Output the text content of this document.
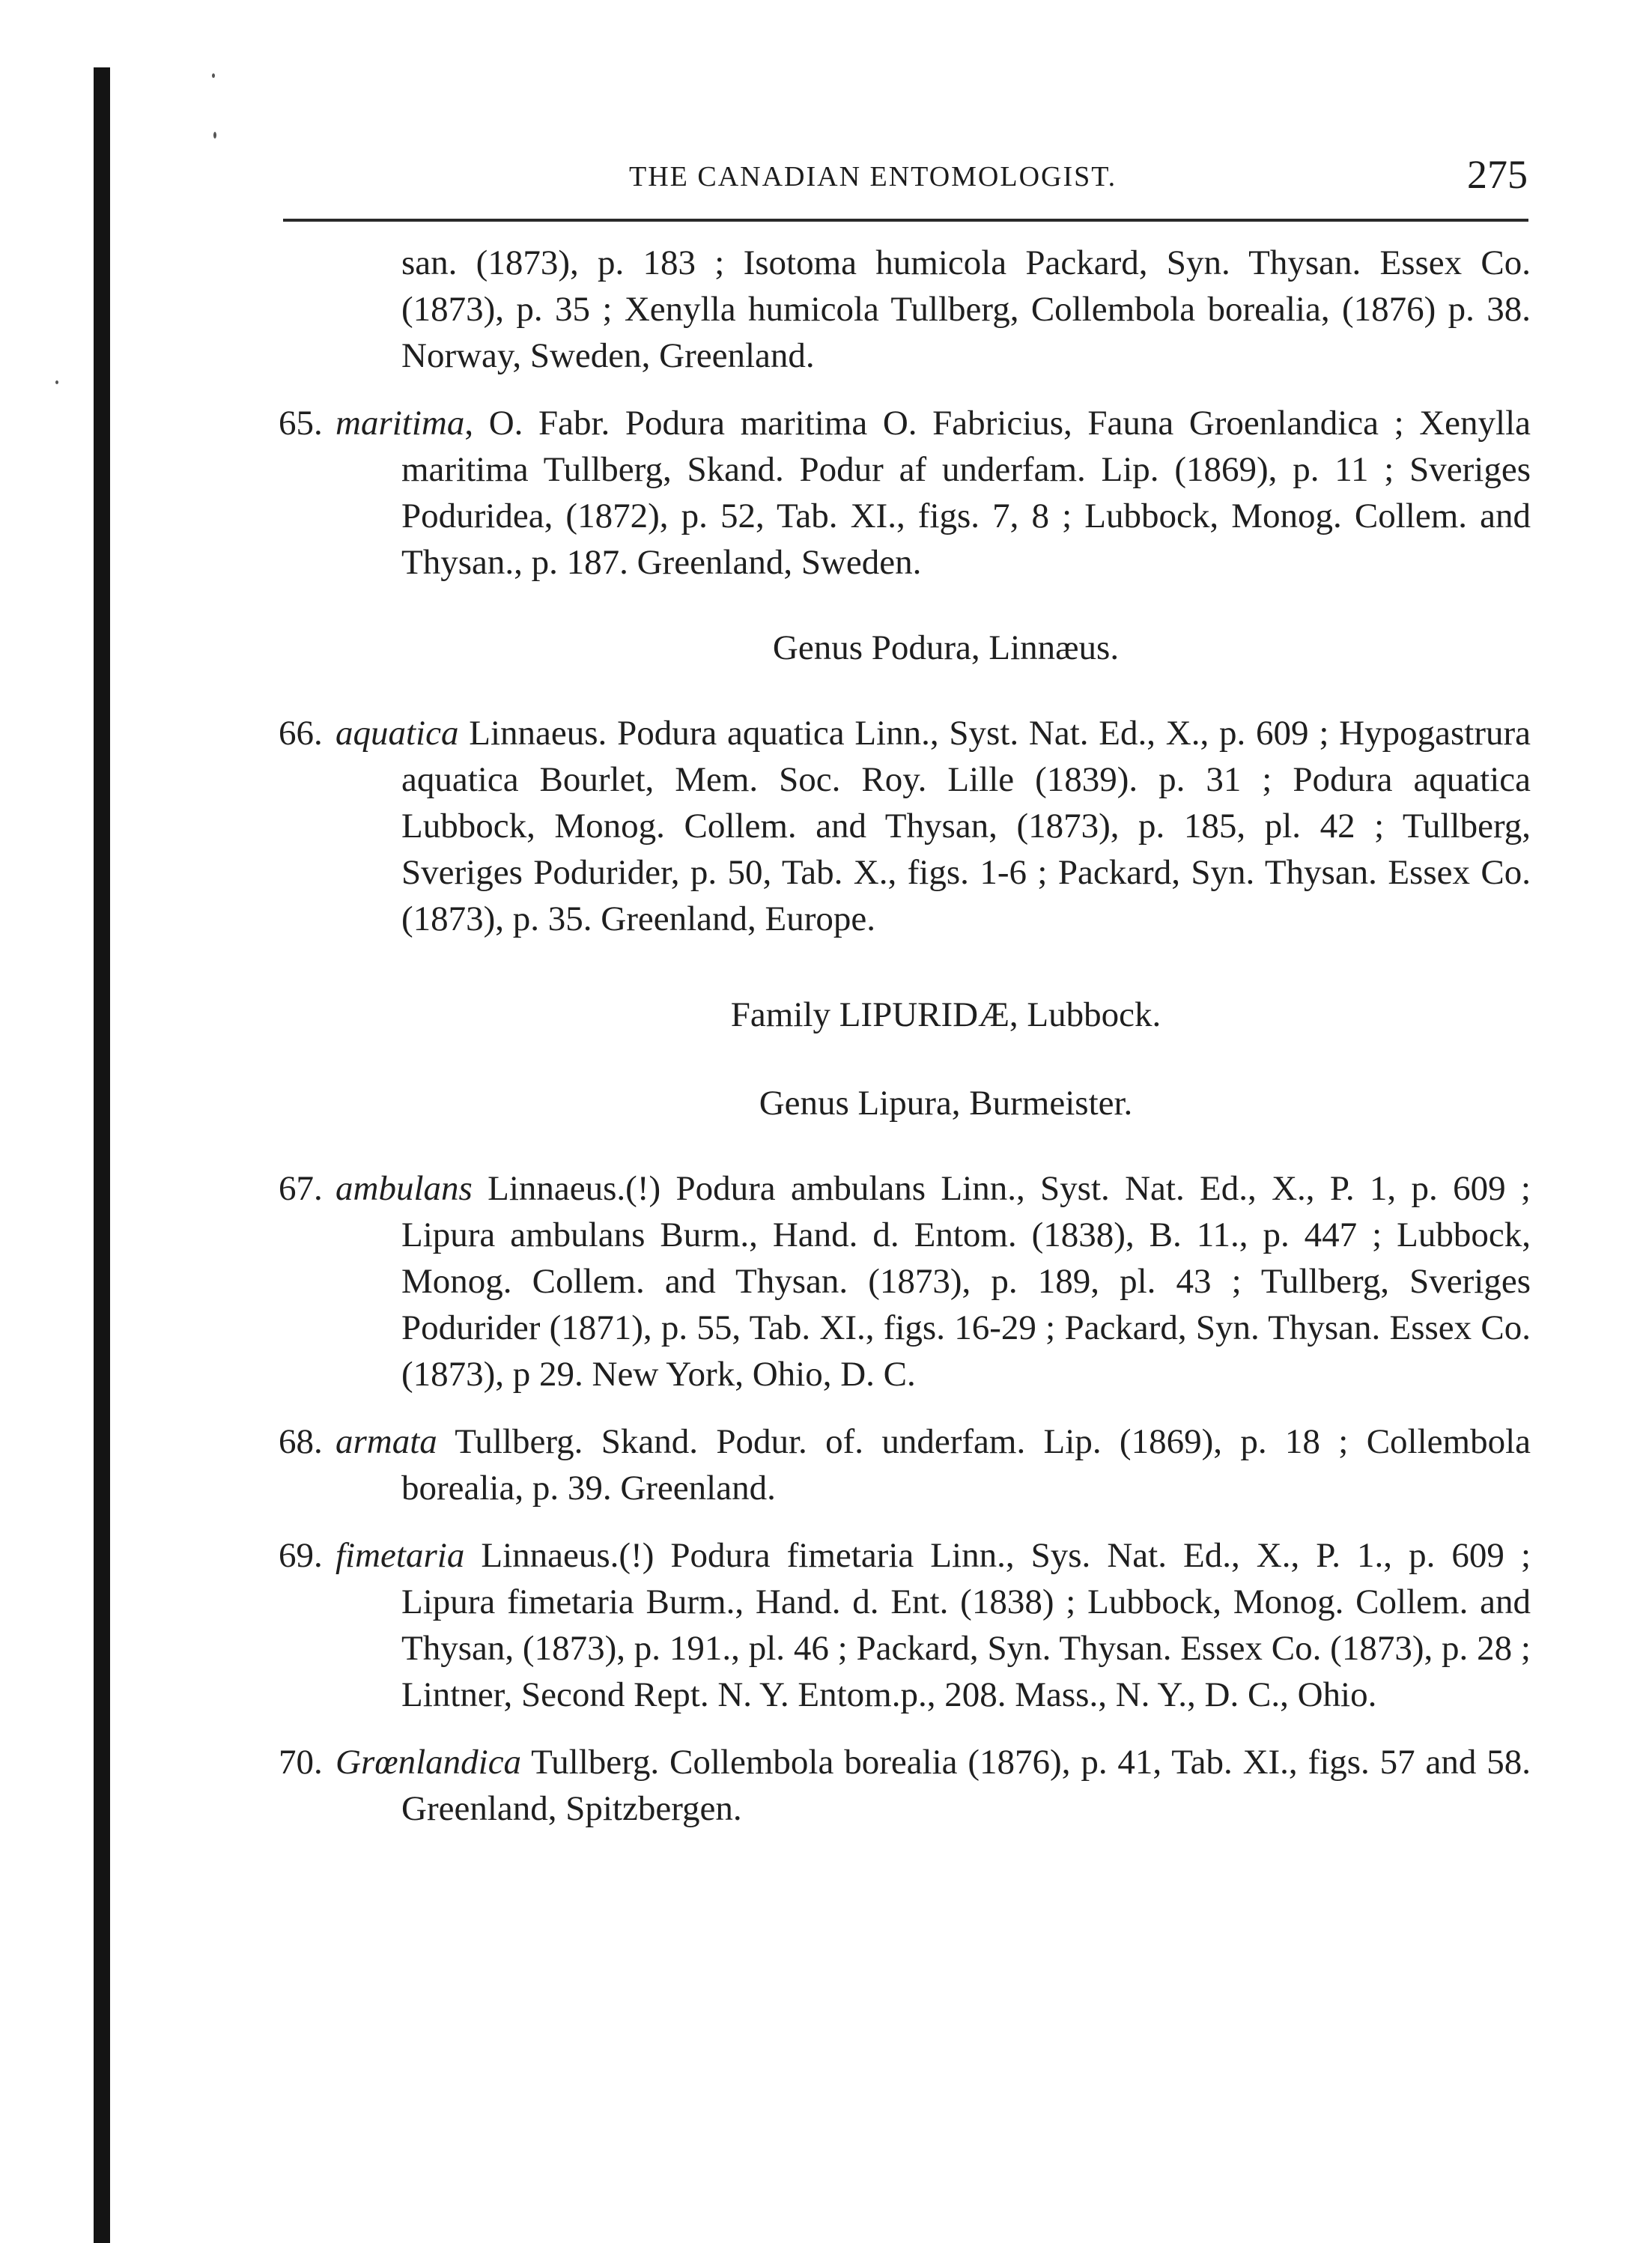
THE CANADIAN ENTOMOLOGIST.	275

san. (1873), p. 183 ; Isotoma humicola Packard, Syn. Thysan. Essex Co. (1873), p. 35 ; Xenylla humicola Tullberg, Collembola borealia, (1876) p. 38. Norway, Sweden, Greenland.

65. maritima, O. Fabr. Podura maritima O. Fabricius, Fauna Groenlandica ; Xenylla maritima Tullberg, Skand. Podur af underfam. Lip. (1869), p. 11 ; Sveriges Poduridea, (1872), p. 52, Tab. XI., figs. 7, 8 ; Lubbock, Monog. Collem. and Thysan., p. 187. Greenland, Sweden.

Genus Podura, Linnæus.

66. aquatica Linnaeus. Podura aquatica Linn., Syst. Nat. Ed., X., p. 609 ; Hypogastrura aquatica Bourlet, Mem. Soc. Roy. Lille (1839). p. 31 ; Podura aquatica Lubbock, Monog. Collem. and Thysan, (1873), p. 185, pl. 42 ; Tullberg, Sveriges Podurider, p. 50, Tab. X., figs. 1-6 ; Packard, Syn. Thysan. Essex Co. (1873), p. 35. Greenland, Europe.

Family LIPURIDÆ, Lubbock.

Genus Lipura, Burmeister.

67. ambulans Linnaeus.(!) Podura ambulans Linn., Syst. Nat. Ed., X., P. 1, p. 609 ; Lipura ambulans Burm., Hand. d. Entom. (1838), B. 11., p. 447 ; Lubbock, Monog. Collem. and Thysan. (1873), p. 189, pl. 43 ; Tullberg, Sveriges Podurider (1871), p. 55, Tab. XI., figs. 16-29 ; Packard, Syn. Thysan. Essex Co. (1873), p 29. New York, Ohio, D. C.

68. armata Tullberg. Skand. Podur. of. underfam. Lip. (1869), p. 18 ; Collembola borealia, p. 39. Greenland.

69. fimetaria Linnaeus.(!) Podura fimetaria Linn., Sys. Nat. Ed., X., P. 1., p. 609 ; Lipura fimetaria Burm., Hand. d. Ent. (1838) ; Lubbock, Monog. Collem. and Thysan, (1873), p. 191., pl. 46 ; Packard, Syn. Thysan. Essex Co. (1873), p. 28 ; Lintner, Second Rept. N. Y. Entom.p., 208. Mass., N. Y., D. C., Ohio.

70. Grœnlandica Tullberg. Collembola borealia (1876), p. 41, Tab. XI., figs. 57 and 58. Greenland, Spitzbergen.
